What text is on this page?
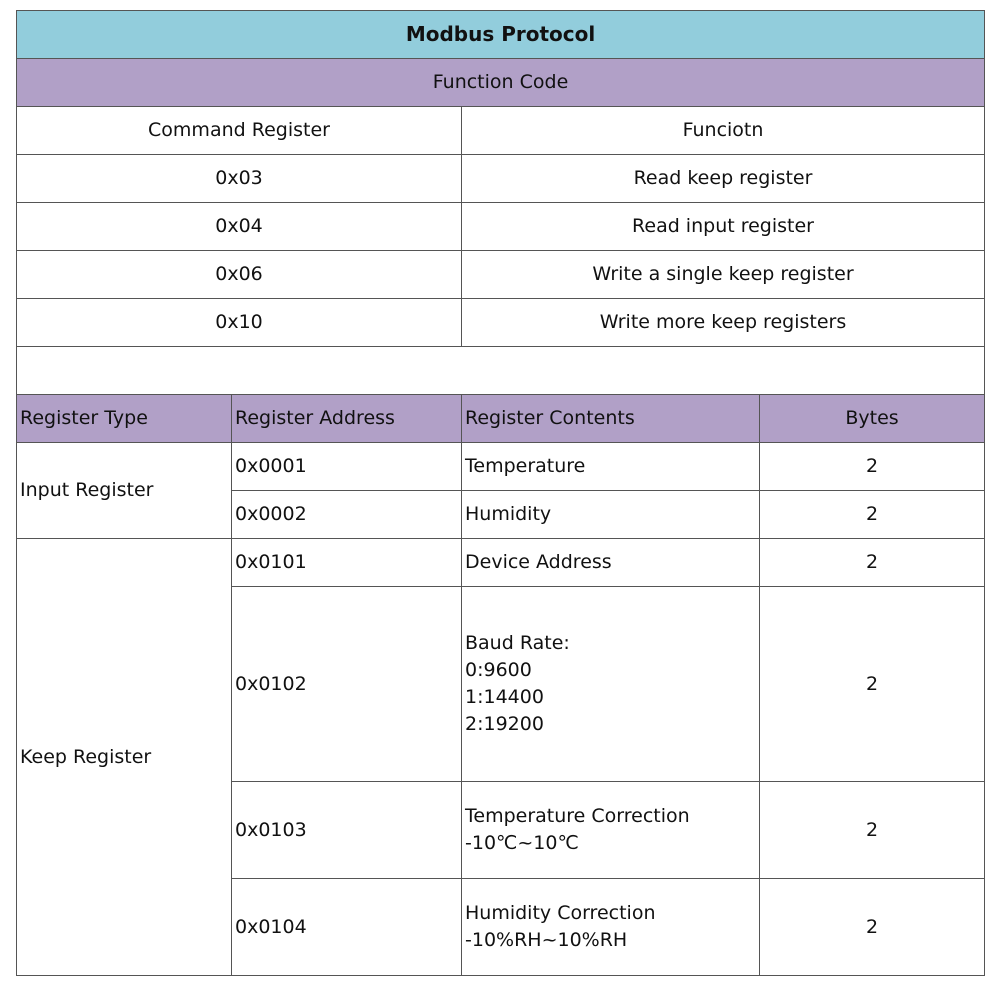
Modbus Protocol			
Function Code			
Command Register		Funciotn	
0x03		Read keep register	
0x04		Read input register	
0x06		Write a single keep register	
0x10		Write more keep registers	

Register Type	Register Address	Register Contents	Bytes
Input Register	0x0001	Temperature	2
	0x0002	Humidity	2
Keep Register	0x0101	Device Address	2
	0x0102	Baud Rate:
0:9600
1:14400
2:19200	2
	0x0103	Temperature Correction
-10℃~10℃	2
	0x0104	Humidity Correction
-10%RH~10%RH	2
